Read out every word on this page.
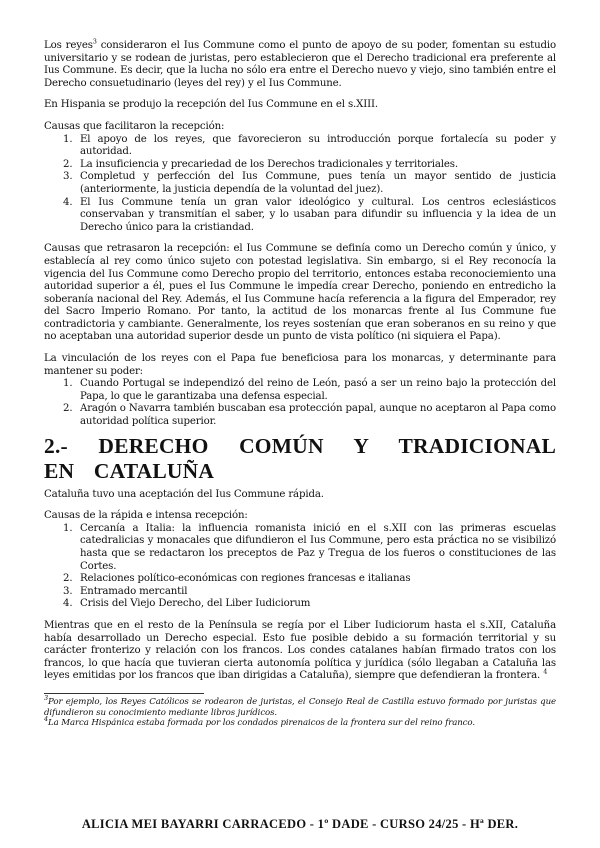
Los reyes$^3$ consideraron el Ius Commune como el punto de apoyo de su poder, fomentan su estudio universitario y se rodean de juristas, pero establecieron que el Derecho tradicional era preferente al Ius Commune. Es decir, que la lucha no sólo era entre el Derecho nuevo y viejo, sino también entre el Derecho consuetudinario (leyes del rey) y el Ius Commune.

En Hispania se produjo la recepción del Ius Commune en el s.XIII.

Causas que facilitaron la recepción:

1. El apoyo de los reyes, que favorecieron su introducción porque fortalecía su poder y autoridad.
2. La insuficiencia y precariedad de los Derechos tradicionales y territoriales.
3. Completud y perfección del Ius Commune, pues tenía un mayor sentido de justicia (anteriormente, la justicia dependía de la voluntad del juez).
4. El Ius Commune tenía un gran valor ideológico y cultural. Los centros eclesiásticos conservaban y transmitían el saber, y lo usaban para difundir su influencia y la idea de un Derecho único para la cristiandad.

Causas que retrasaron la recepción: el Ius Commune se definía como un Derecho común y único, y establecía al rey como único sujeto con potestad legislativa. Sin embargo, si el Rey reconocía la vigencia del Ius Commune como Derecho propio del territorio, entonces estaba reconociemiento una autoridad superior a él, pues el Ius Commune le impedía crear Derecho, poniendo en entredicho la soberanía nacional del Rey. Además, el Ius Commune hacía referencia a la figura del Emperador, rey del Sacro Imperio Romano. Por tanto, la actitud de los monarcas frente al Ius Commune fue contradictoria y cambiante. Generalmente, los reyes sostenían que eran soberanos en su reino y que no aceptaban una autoridad superior desde un punto de vista político (ni siquiera el Papa).

La vinculación de los reyes con el Papa fue beneficiosa para los monarcas, y determinante para mantener su poder:

1. Cuando Portugal se independizó del reino de León, pasó a ser un reino bajo la protección del Papa, lo que le garantizaba una defensa especial.
2. Aragón o Navarra también buscaban esa protección papal, aunque no aceptaron al Papa como autoridad política superior.
2.- DERECHO COMÚN Y TRADICIONAL EN CATALUÑA

Cataluña tuvo una aceptación del Ius Commune rápida.

Causas de la rápida e intensa recepción:

1. Cercanía a Italia: la influencia romanista inició en el s.XII con las primeras escuelas catedralicias y monacales que difundieron el Ius Commune, pero esta práctica no se visibilizó hasta que se redactaron los preceptos de Paz y Tregua de los fueros o constituciones de las Cortes.
2. Relaciones político-económicas con regiones francesas e italianas
3. Entramado mercantil
4. Crisis del Viejo Derecho, del Liber Iudiciorum

Mientras que en el resto de la Península se regía por el Liber Iudiciorum hasta el s.XII, Cataluña había desarrollado un Derecho especial. Esto fue posible debido a su formación territorial y su carácter fronterizo y relación con los francos. Los condes catalanes habían firmado tratos con los francos, lo que hacía que tuvieran cierta autonomía política y jurídica (sólo llegaban a Cataluña las leyes emitidas por los francos que iban dirigidas a Cataluña), siempre que defendieran la frontera. $^4$

$^3$Por ejemplo, los Reyes Católicos se rodearon de juristas, el Consejo Real de Castilla estuvo formado por juristas que difundieron su conocimiento mediante libros jurídicos.

$^4$La Marca Hispánica estaba formada por los condados pirenaicos de la frontera sur del reino franco.

ALICIA MEI BAYARRI CARRACEDO - 1º DADE - CURSO 24/25 - Hª DER.
